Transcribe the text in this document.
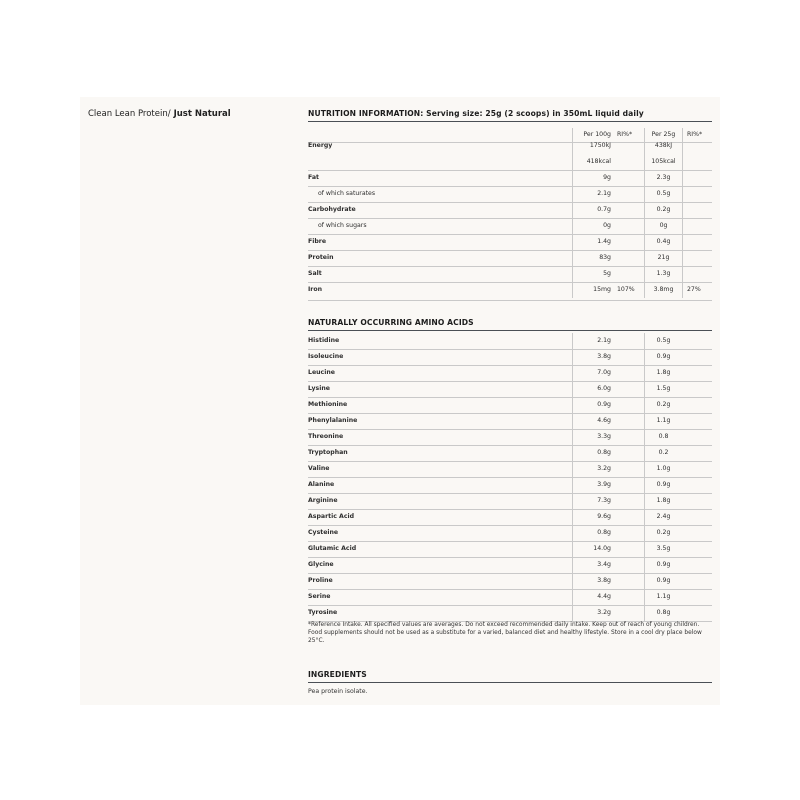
Clean Lean Protein/ Just Natural	NUTRITION INFORMATION: Serving size: 25g (2 scoops) in 350mL liquid daily
Per 100g RI%*	Per 25g	RI%*
Energy	1750kJ	438kJ
418kcal	105kcal
Fat	9g	2.3g
of which saturates	2.1g	0.5g
Carbohydrate	0.7g	0.2g
of which sugars	0g	0g
Fibre	1.4g	0.4g
Protein	83g	21g
Salt	5g	1.3g
Iron	15mg 107%	3.8mg	27%
NATURALLY OCCURRING AMINO ACIDS
Histidine	2.1g	0.5g
Isoleucine	3.8g	0.9g
Leucine	7.0g	1.8g
Lysine	6.0g	1.5g
Methionine	0.9g	0.2g
Phenylalanine	4.6g	1.1g
Threonine	3.3g	0.8
Tryptophan	0.8g	0.2
Valine	3.2g	1.0g
Alanine	3.9g	0.9g
Arginine	7.3g	1.8g
Aspartic Acid	9.6g	2.4g
Cysteine	0.8g	0.2g
Glutamic Acid	14.0g	3.5g
Glycine	3.4g	0.9g
Proline	3.8g	0.9g
Serine	4.4g	1.1g
Tyrosine	3.2g	0.8g
*Reference Intake. All specified values are averages. Do not exceed recommended daily intake. Keep out of reach of young children. Food supplements should not be used as a substitute for a varied, balanced diet and healthy lifestyle. Store in a cool dry place below 25°C.
INGREDIENTS
Pea protein isolate.
